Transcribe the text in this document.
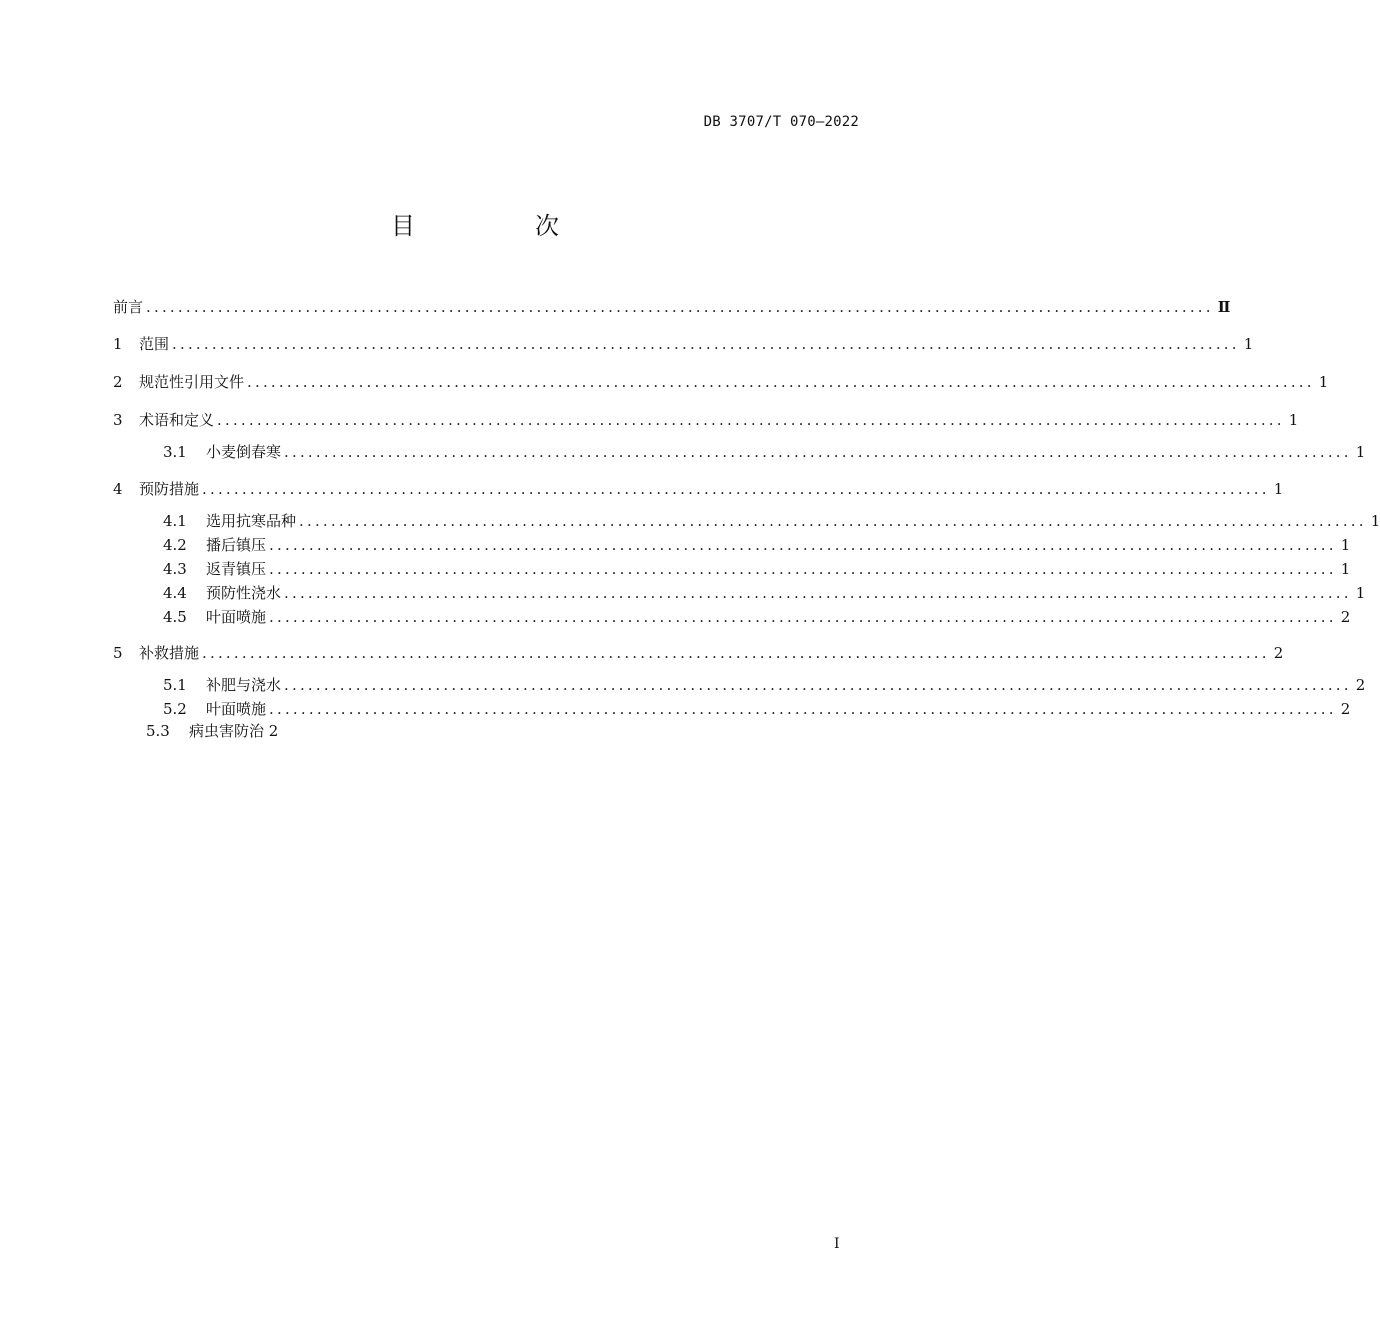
DB 3707/T 070—2022
目　次
前言 ...................................................................................................................................... Ⅱ
1	范围 ...................................................................................................................................... 1
2	规范性引用文件 ...................................................................................................................................... 1
3	术语和定义 ...................................................................................................................................... 1
3.1	小麦倒春寒 ...................................................................................................................................... 1
4	预防措施 ...................................................................................................................................... 1
4.1	选用抗寒品种 ...................................................................................................................................... 1
4.2	播后镇压 ...................................................................................................................................... 1
4.3	返青镇压 ...................................................................................................................................... 1
4.4	预防性浇水 ...................................................................................................................................... 1
4.5	叶面喷施 ...................................................................................................................................... 2
5	补救措施 ...................................................................................................................................... 2
5.1	补肥与浇水 ...................................................................................................................................... 2
5.2	叶面喷施 ...................................................................................................................................... 2
5.3 病虫害防治 2
I
